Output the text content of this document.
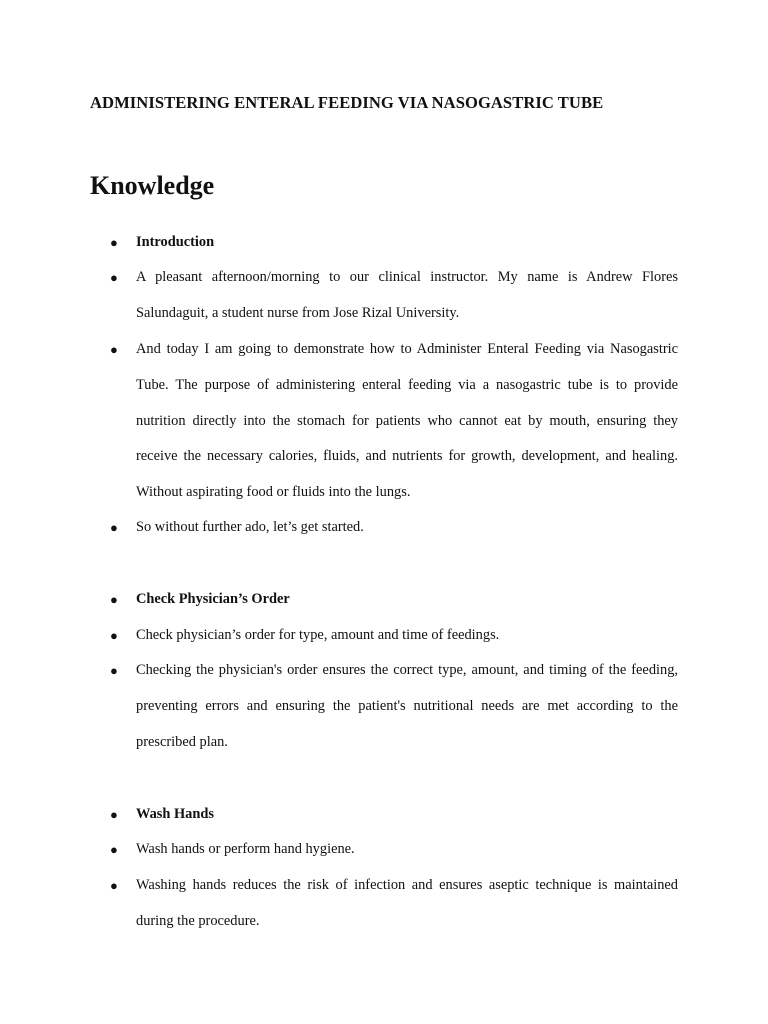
ADMINISTERING ENTERAL FEEDING VIA NASOGASTRIC TUBE
Knowledge
●	Introduction
●	A pleasant afternoon/morning to our clinical instructor. My name is Andrew Flores Salundaguit, a student nurse from Jose Rizal University.
●	And today I am going to demonstrate how to Administer Enteral Feeding via Nasogastric Tube. The purpose of administering enteral feeding via a nasogastric tube is to provide nutrition directly into the stomach for patients who cannot eat by mouth, ensuring they receive the necessary calories, fluids, and nutrients for growth, development, and healing. Without aspirating food or fluids into the lungs.
●	So without further ado, let’s get started.
●	Check Physician’s Order
●	Check physician’s order for type, amount and time of feedings.
●	Checking the physician's order ensures the correct type, amount, and timing of the feeding, preventing errors and ensuring the patient's nutritional needs are met according to the prescribed plan.
●	Wash Hands
●	Wash hands or perform hand hygiene.
●	Washing hands reduces the risk of infection and ensures aseptic technique is maintained during the procedure.
